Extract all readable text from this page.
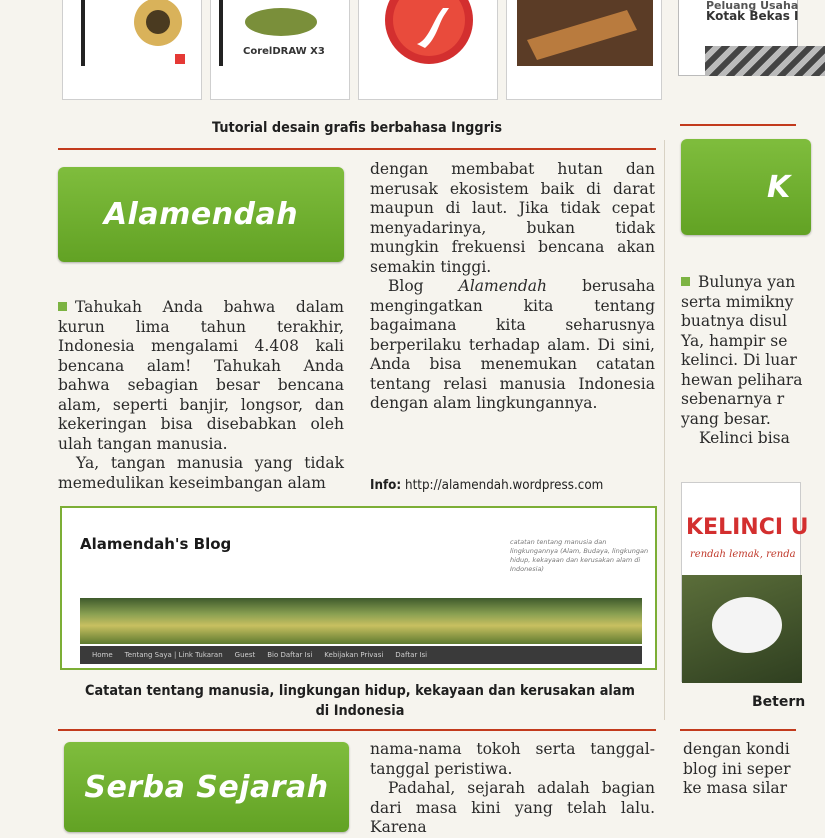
CorelDRAW X3
Peluang Usaha
Kotak Bekas I
Tutorial desain grafis berbahasa Inggris
Alamendah

Tahukah Anda bahwa dalam kurun lima tahun terakhir, Indonesia mengalami 4.408 kali bencana alam! Tahukah Anda bahwa sebagian besar bencana alam, seperti banjir, longsor, dan kekeringan bisa disebabkan oleh ulah tangan manusia.

Ya, tangan manusia yang tidak memedulikan keseimbangan alam

dengan membabat hutan dan merusak ekosistem baik di darat maupun di laut. Jika tidak cepat menyadarinya, bukan tidak mungkin frekuensi bencana akan semakin tinggi.

Blog Alamendah berusaha mengingatkan kita tentang bagaimana kita seharusnya berperilaku terhadap alam. Di sini, Anda bisa menemukan catatan tentang relasi manusia Indonesia dengan alam lingkungannya.

Info: http://alamendah.wordpress.com
Alamendah's Blog	catatan tentang manusia dan lingkungannya (Alam, Budaya, lingkungan hidup, kekayaan dan kerusakan alam di Indonesia)
Home Tentang Saya | Link Tukaran Guest Bio Daftar Isi Kebijakan Privasi Daftar Isi
Catatan tentang manusia, lingkungan hidup, kekayaan dan kerusakan alam di Indonesia
K
Bulunya yan
serta mimikny
buatnya disul
Ya, hampir se
kelinci. Di luar
hewan pelihara
sebenarnya r
yang besar.
Kelinci bisa
KELINCI U
rendah lemak, renda
Betern
Serba Sejarah

nama-nama tokoh serta tanggal-tanggal peristiwa.

Padahal, sejarah adalah bagian dari masa kini yang telah lalu. Karena

dengan kondi
blog ini seper
ke masa silar
